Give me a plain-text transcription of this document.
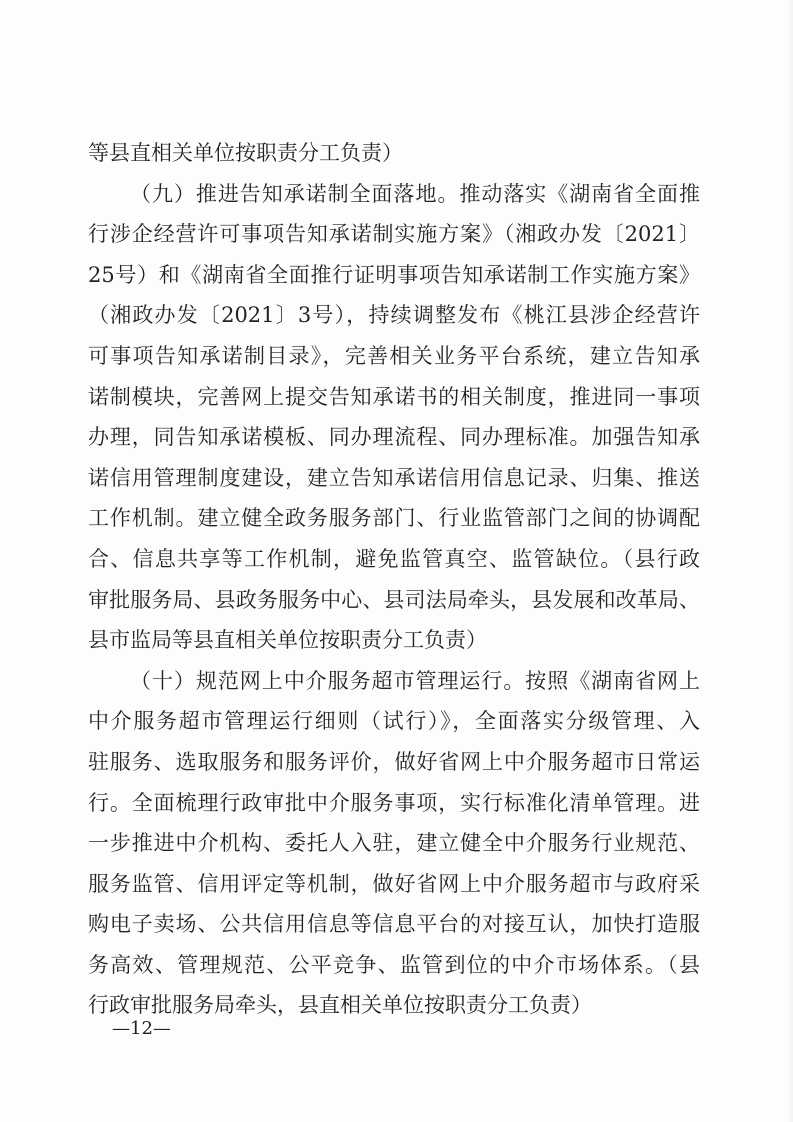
等县直相关单位按职责分工负责）
（九）推进告知承诺制全面落地。推动落实《湖南省全面推
行涉企经营许可事项告知承诺制实施方案》（湘政办发〔2021〕
25号）和《湖南省全面推行证明事项告知承诺制工作实施方案》
（湘政办发〔2021〕3号），持续调整发布《桃江县涉企经营许
可事项告知承诺制目录》，完善相关业务平台系统，建立告知承
诺制模块，完善网上提交告知承诺书的相关制度，推进同一事项
办理，同告知承诺模板、同办理流程、同办理标准。加强告知承
诺信用管理制度建设，建立告知承诺信用信息记录、归集、推送
工作机制。建立健全政务服务部门、行业监管部门之间的协调配
合、信息共享等工作机制，避免监管真空、监管缺位。（县行政
审批服务局、县政务服务中心、县司法局牵头，县发展和改革局、
县市监局等县直相关单位按职责分工负责）
（十）规范网上中介服务超市管理运行。按照《湖南省网上
中介服务超市管理运行细则（试行）》，全面落实分级管理、入
驻服务、选取服务和服务评价，做好省网上中介服务超市日常运
行。全面梳理行政审批中介服务事项，实行标准化清单管理。进
一步推进中介机构、委托人入驻，建立健全中介服务行业规范、
服务监管、信用评定等机制，做好省网上中介服务超市与政府采
购电子卖场、公共信用信息等信息平台的对接互认，加快打造服
务高效、管理规范、公平竞争、监管到位的中介市场体系。（县
行政审批服务局牵头，县直相关单位按职责分工负责）
—12—
